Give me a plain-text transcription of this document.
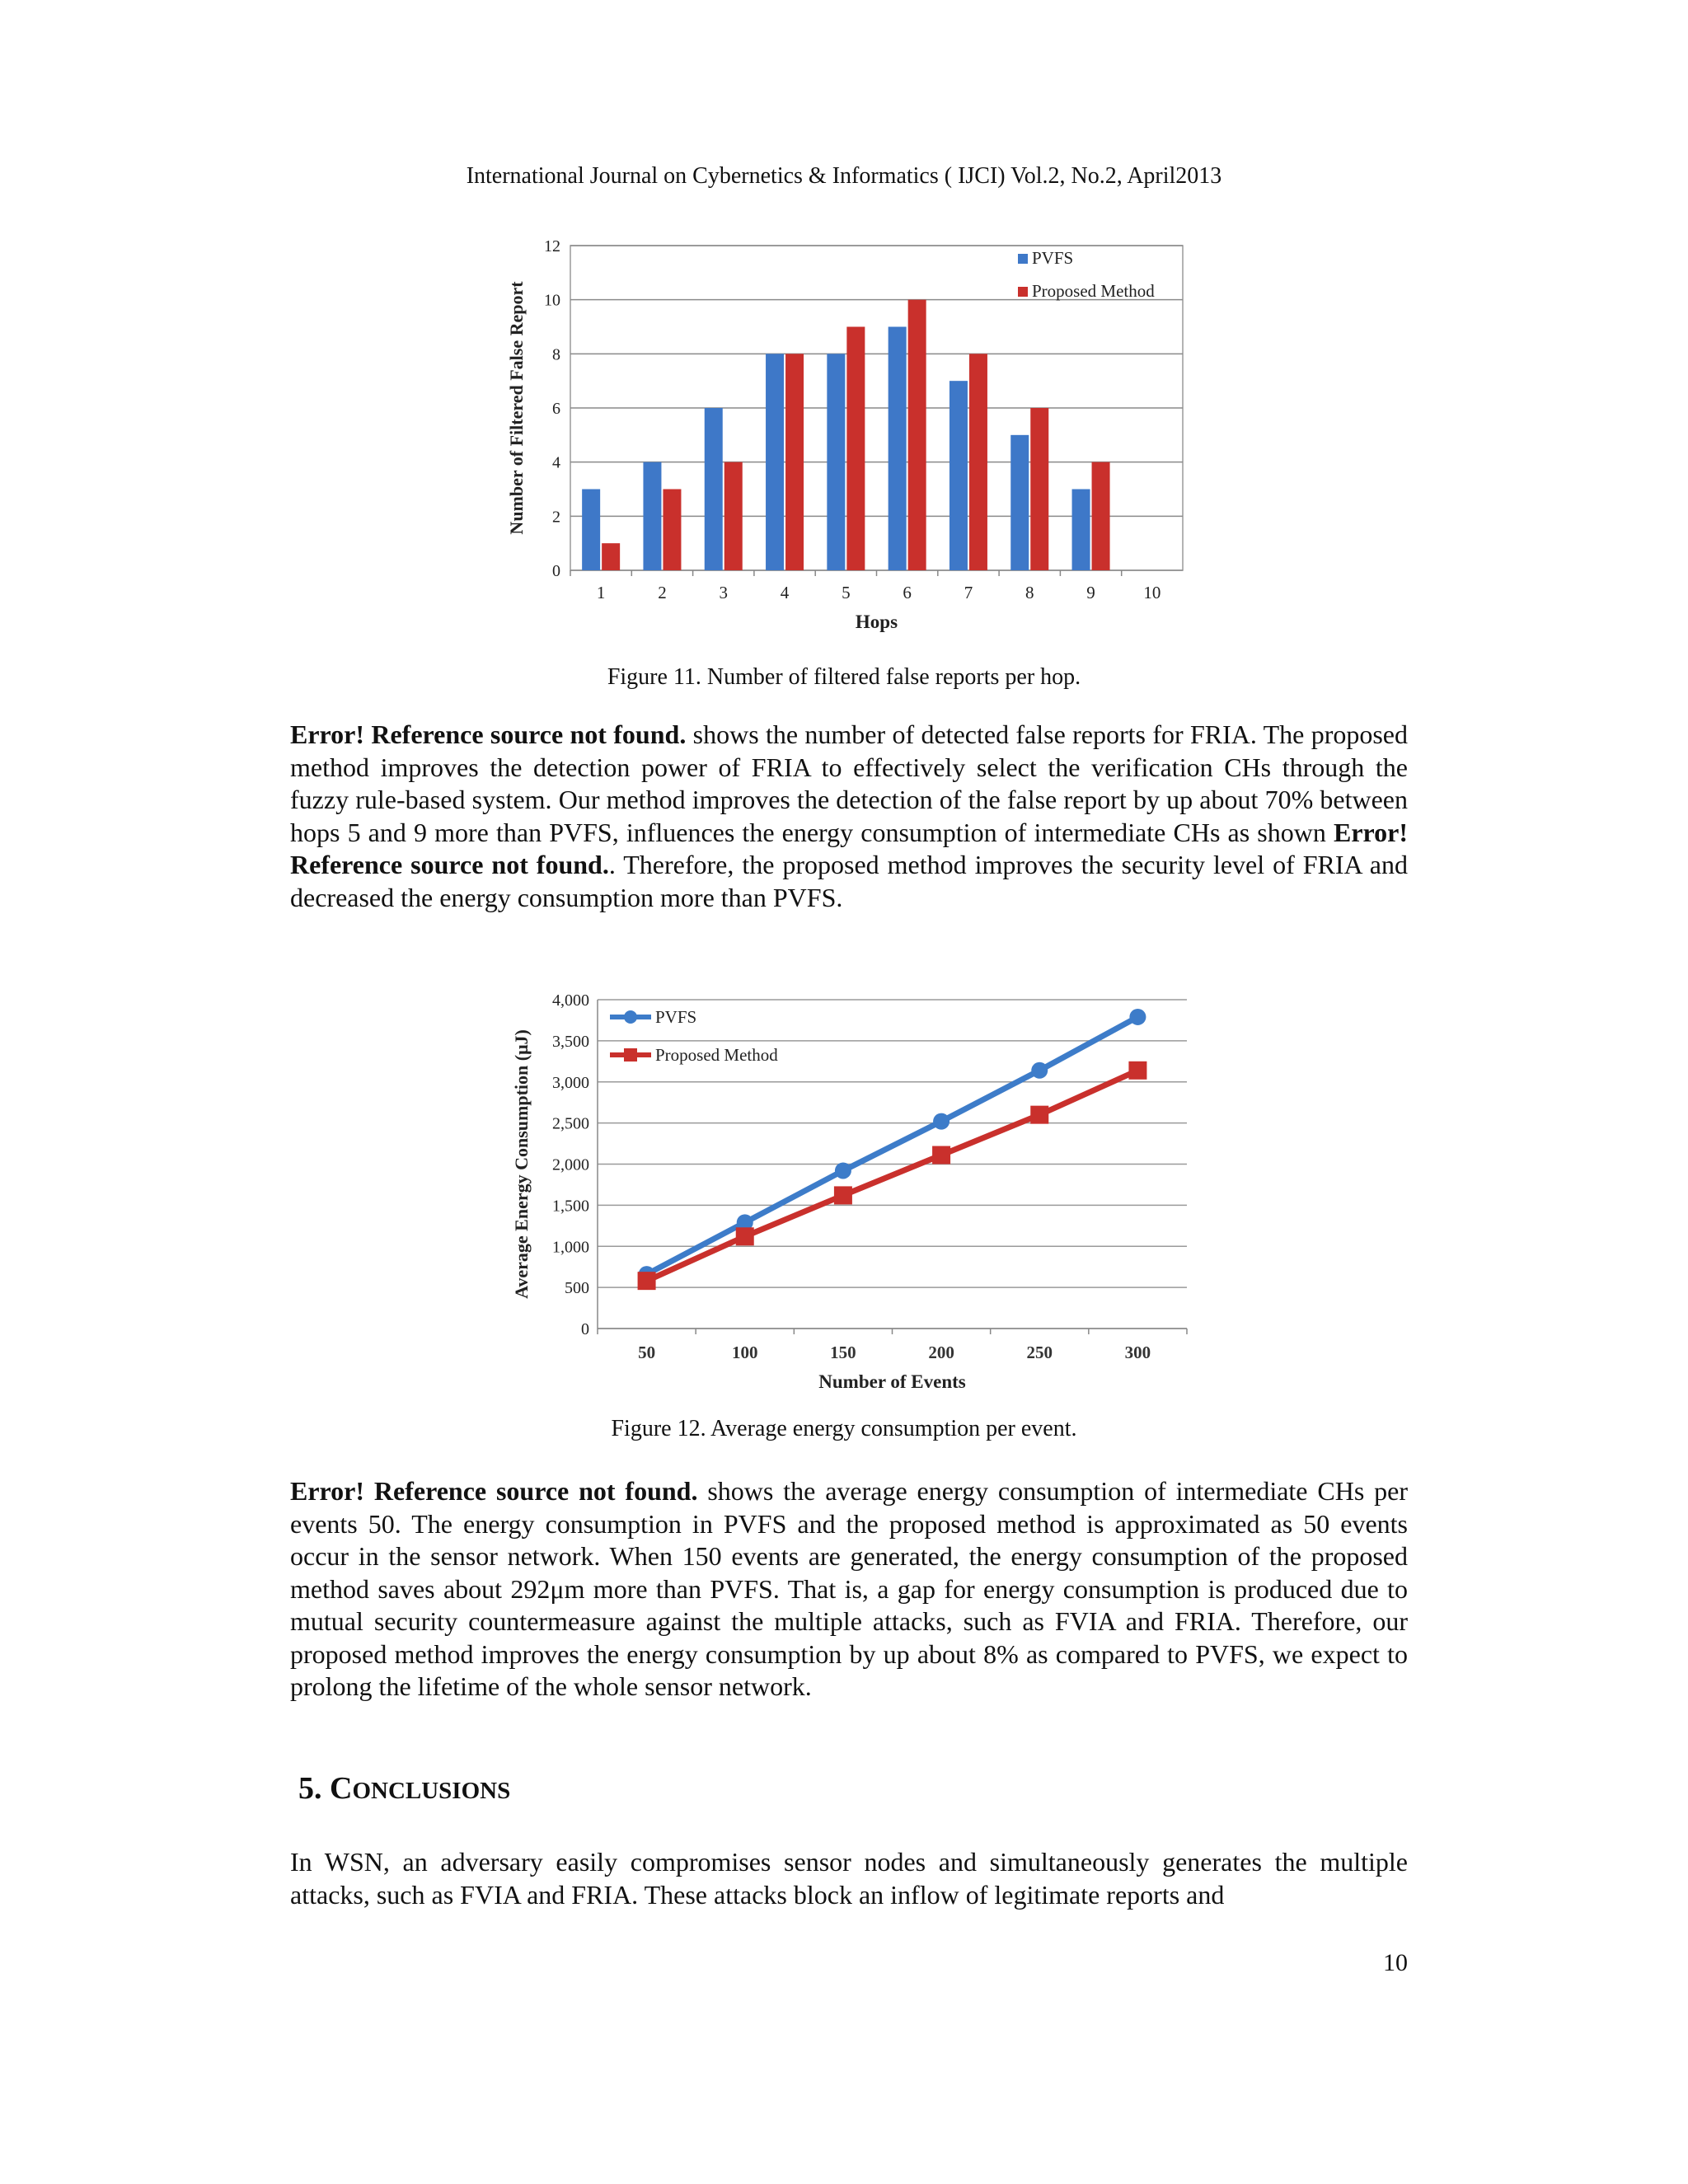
International Journal on Cybernetics & Informatics ( IJCI) Vol.2, No.2, April2013
0
2
4
6
8
10
12
1	2	3	4	5	6	7	8	9	10
Hops
Number of Filtered False Report
PVFS
Proposed Method
Figure 11. Number of filtered false reports per hop.
Error! Reference source not found. shows the number of detected false reports for FRIA. The proposed method improves the detection power of FRIA to effectively select the verification CHs through the fuzzy rule-based system. Our method improves the detection of the false report by up about 70% between hops 5 and 9 more than PVFS, influences the energy consumption of intermediate CHs as shown Error! Reference source not found.. Therefore, the proposed method improves the security level of FRIA and decreased the energy consumption more than PVFS.
0
500
1,000
1,500
2,000
2,500
3,000
3,500
4,000
50	100	150	200	250	300
Number of Events
Average Energy Consumption (μJ)
PVFS
Proposed Method
Figure 12. Average energy consumption per event.
Error! Reference source not found. shows the average energy consumption of intermediate CHs per events 50. The energy consumption in PVFS and the proposed method is approximated as 50 events occur in the sensor network. When 150 events are generated, the energy consumption of the proposed method saves about 292μm more than PVFS. That is, a gap for energy consumption is produced due to mutual security countermeasure against the multiple attacks, such as FVIA and FRIA. Therefore, our proposed method improves the energy consumption by up about 8% as compared to PVFS, we expect to prolong the lifetime of the whole sensor network.
5. CONCLUSIONS
In WSN, an adversary easily compromises sensor nodes and simultaneously generates the multiple attacks, such as FVIA and FRIA. These attacks block an inflow of legitimate reports and
10
